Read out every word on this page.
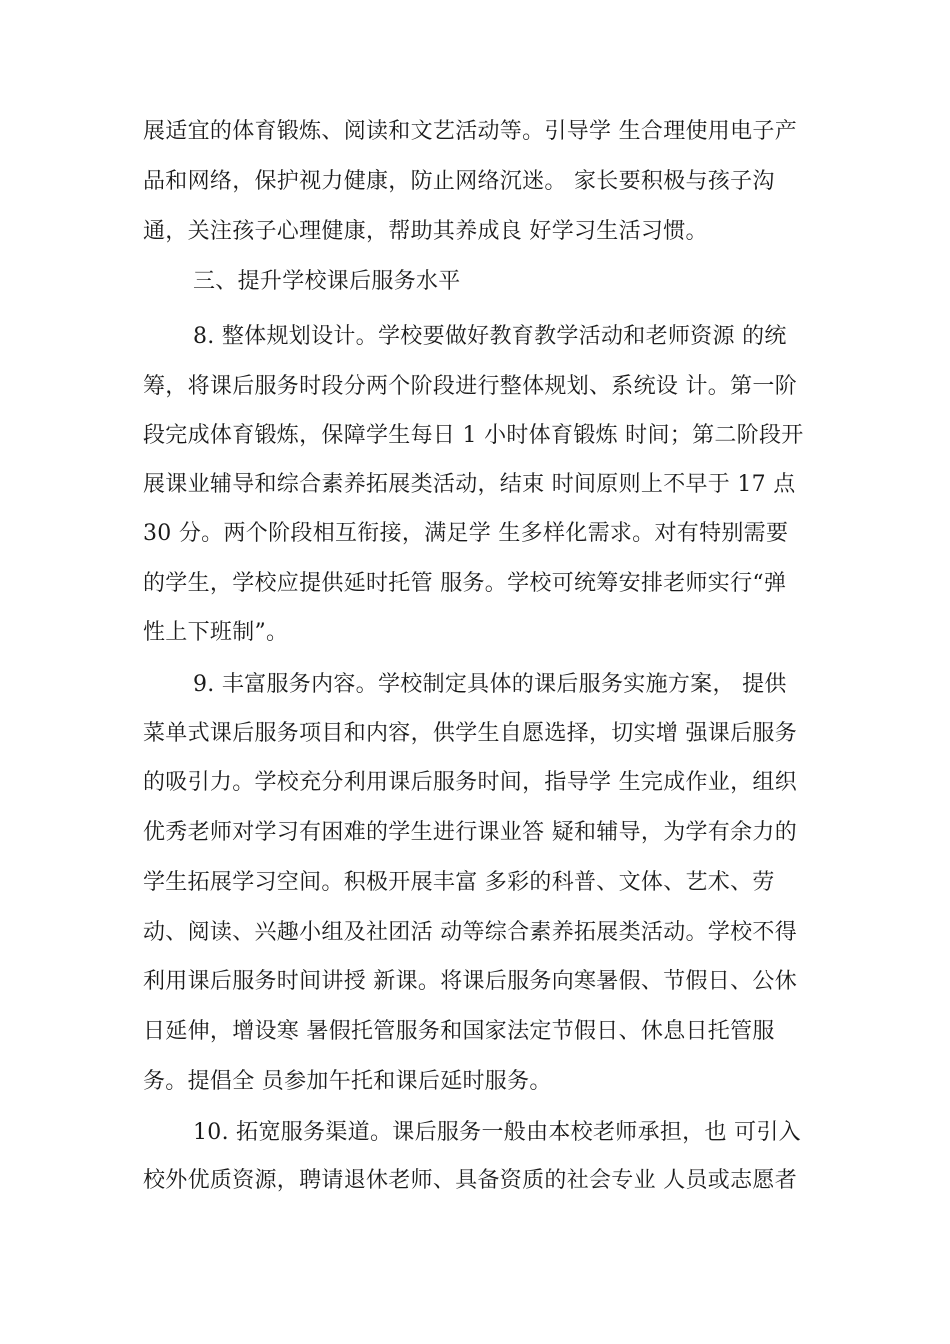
展适宜的体育锻炼、阅读和文艺活动等。引导学 生合理使用电子产
品和网络，保护视力健康，防止网络沉迷。 家长要积极与孩子沟
通，关注孩子心理健康，帮助其养成良 好学习生活习惯。
三、提升学校课后服务水平
8. 整体规划设计。学校要做好教育教学活动和老师资源 的统
筹，将课后服务时段分两个阶段进行整体规划、系统设 计。第一阶
段完成体育锻炼，保障学生每日 1 小时体育锻炼 时间；第二阶段开
展课业辅导和综合素养拓展类活动，结束 时间原则上不早于 17 点
30 分。两个阶段相互衔接，满足学 生多样化需求。对有特别需要
的学生，学校应提供延时托管 服务。学校可统筹安排老师实行“弹
性上下班制”。
9. 丰富服务内容。学校制定具体的课后服务实施方案， 提供
菜单式课后服务项目和内容，供学生自愿选择，切实增 强课后服务
的吸引力。学校充分利用课后服务时间，指导学 生完成作业，组织
优秀老师对学习有困难的学生进行课业答 疑和辅导，为学有余力的
学生拓展学习空间。积极开展丰富 多彩的科普、文体、艺术、劳
动、阅读、兴趣小组及社团活 动等综合素养拓展类活动。学校不得
利用课后服务时间讲授 新课。将课后服务向寒暑假、节假日、公休
日延伸，增设寒 暑假托管服务和国家法定节假日、休息日托管服
务。提倡全 员参加午托和课后延时服务。
10. 拓宽服务渠道。课后服务一般由本校老师承担，也 可引入
校外优质资源，聘请退休老师、具备资质的社会专业 人员或志愿者
